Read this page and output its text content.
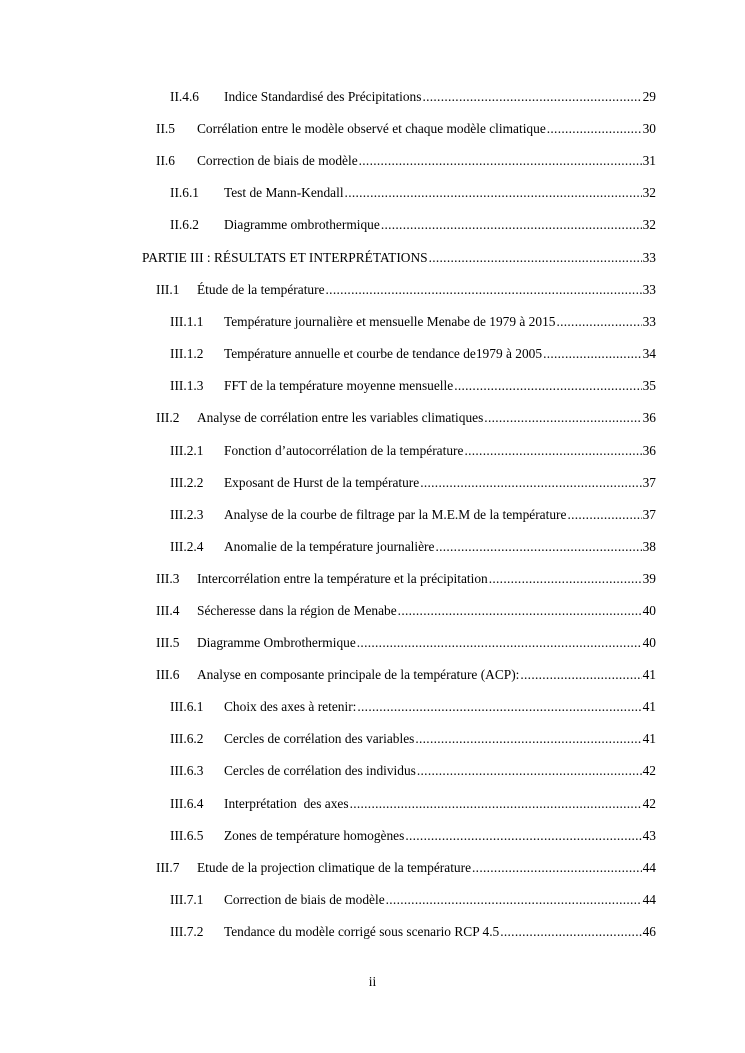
II.4.6	Indice Standardisé des Précipitations .....	29
II.5	Corrélation entre le modèle observé et chaque modèle climatique .....	30
II.6	Correction de biais de modèle .....	31
II.6.1	Test de Mann-Kendall .....	32
II.6.2	Diagramme ombrothermique .....	32
PARTIE III : RÉSULTATS ET INTERPRÉTATIONS .....	33
III.1	Étude de la température .....	33
III.1.1	Température journalière et mensuelle Menabe de 1979 à 2015 .....	33
III.1.2	Température annuelle et courbe de tendance de1979 à 2005 .....	34
III.1.3	FFT de la température moyenne mensuelle .....	35
III.2	Analyse de corrélation entre les variables climatiques .....	36
III.2.1	Fonction d’autocorrélation de la température .....	36
III.2.2	Exposant de Hurst de la température .....	37
III.2.3	Analyse de la courbe de filtrage par la M.E.M de la température .....	37
III.2.4	Anomalie de la température journalière .....	38
III.3	Intercorrélation entre la température et la précipitation .....	39
III.4	Sécheresse dans la région de Menabe .....	40
III.5	Diagramme Ombrothermique .....	40
III.6	Analyse en composante principale de la température (ACP): .....	41
III.6.1	Choix des axes à retenir: .....	41
III.6.2	Cercles de corrélation des variables .....	41
III.6.3	Cercles de corrélation des individus .....	42
III.6.4	Interprétation  des axes .....	42
III.6.5	Zones de température homogènes .....	43
III.7	Etude de la projection climatique de la température .....	44
III.7.1	Correction de biais de modèle .....	44
III.7.2	Tendance du modèle corrigé sous scenario RCP 4.5 .....	46
ii
